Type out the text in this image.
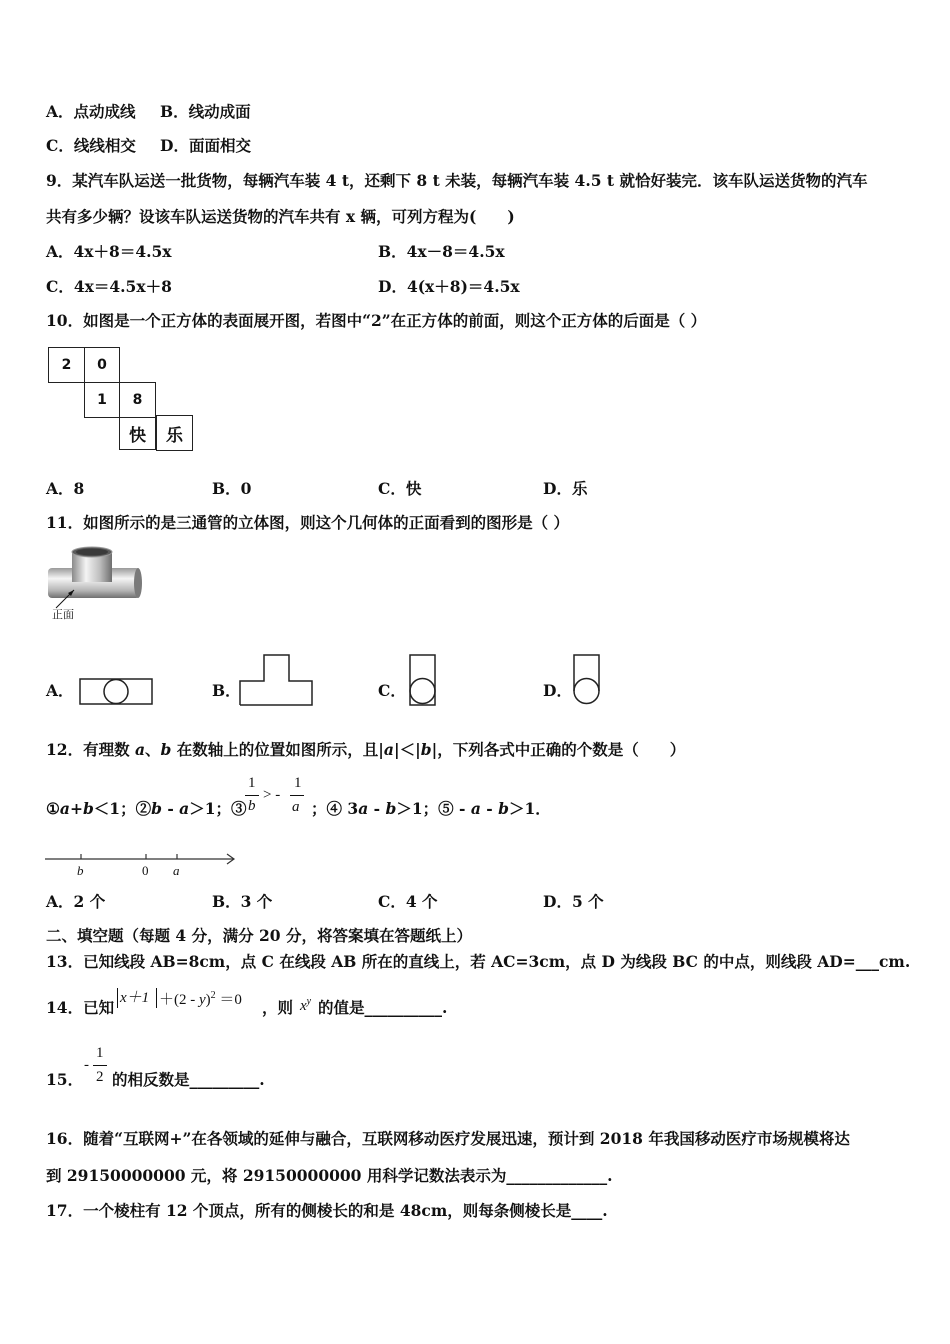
A．点动成线 B．线动成面
C．线线相交 D．面面相交
9．某汽车队运送一批货物，每辆汽车装 4 t，还剩下 8 t 未装，每辆汽车装 4.5 t 就恰好装完．该车队运送货物的汽车
共有多少辆？设该车队运送货物的汽车共有 x 辆，可列方程为(　　)
A．4x＋8＝4.5x	B．4x－8＝4.5x
C．4x＝4.5x＋8	D．4(x＋8)＝4.5x
10．如图是一个正方体的表面展开图，若图中“2”在正方体的前面，则这个正方体的后面是（ ）
2	0
1	8
快	乐
A．8	B．0	C．快	D．乐
11．如图所示的是三通管的立体图，则这个几何体的正面看到的图形是（ ）
正面
A．	B．	C．	D．
12．有理数 a、b 在数轴上的位置如图所示，且|a|＜|b|，下列各式中正确的个数是（　　）
①a+b＜1；②b - a＞1；③
1
b
> -
1
a ；④ 3a - b＞1；⑤ - a - b＞1．
b	0 a
A．2 个	B．3 个	C．4 个	D．5 个
二、填空题（每题 4 分，满分 20 分，将答案填在答题纸上）
13．已知线段 AB=8cm，点 C 在线段 AB 所在的直线上，若 AC=3cm，点 D 为线段 BC 的中点，则线段 AD=___cm.
14．已知 x＋1 ＋(2 - y)$^2$ ＝0 ，则 $x^y$ 的值是__________.
15．
-
1
2 的相反数是_________.
16．随着“互联网+”在各领域的延伸与融合，互联网移动医疗发展迅速，预计到 2018 年我国移动医疗市场规模将达
到 29150000000 元，将 29150000000 用科学记数法表示为_____________.
17．一个棱柱有 12 个顶点，所有的侧棱长的和是 48cm，则每条侧棱长是____.
